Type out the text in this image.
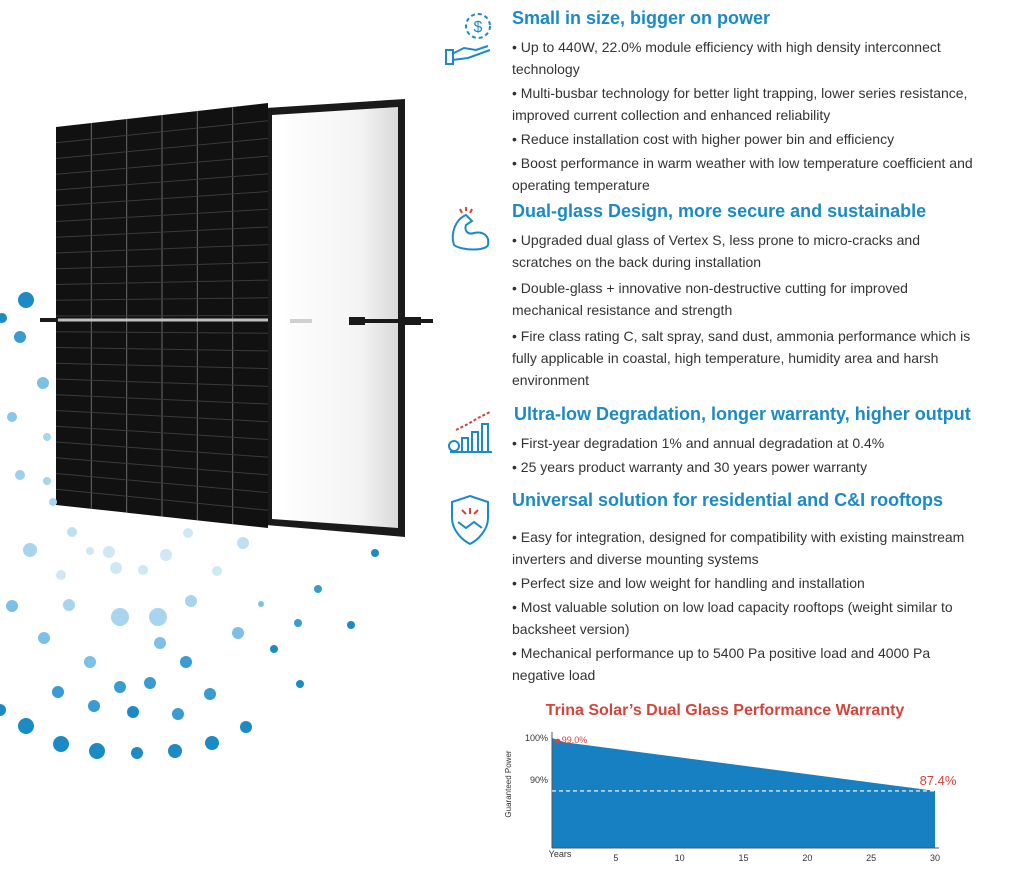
$ Small in size, bigger on power
• Up to 440W, 22.0% module efficiency with high density interconnect technology
• Multi-busbar technology for better light trapping, lower series resistance, improved current collection and enhanced reliability
• Reduce installation cost with higher power bin and efficiency
• Boost performance in warm weather with low temperature coefficient and operating temperature
Dual-glass Design, more secure and sustainable
• Upgraded dual glass of Vertex S, less prone to micro-cracks and scratches on the back during installation
• Double-glass + innovative non-destructive cutting for improved mechanical resistance and strength
• Fire class rating C, salt spray, sand dust, ammonia performance which is fully applicable in coastal, high temperature, humidity area and harsh environment
Ultra-low Degradation, longer warranty, higher output
• First-year degradation 1% and annual degradation at 0.4%
• 25 years product warranty and 30 years power warranty
Universal solution for residential and C&I rooftops
• Easy for integration, designed for compatibility with existing mainstream inverters and diverse mounting systems
• Perfect size and low weight for handling and installation
• Most valuable solution on low load capacity rooftops (weight similar to backsheet version)
• Mechanical performance up to 5400 Pa positive load and 4000 Pa negative load
Trina Solar’s Dual Glass Performance Warranty
100%
90%
5	10	15	20	25	30
Years
Guaranteed Power
99.0%
87.4%
